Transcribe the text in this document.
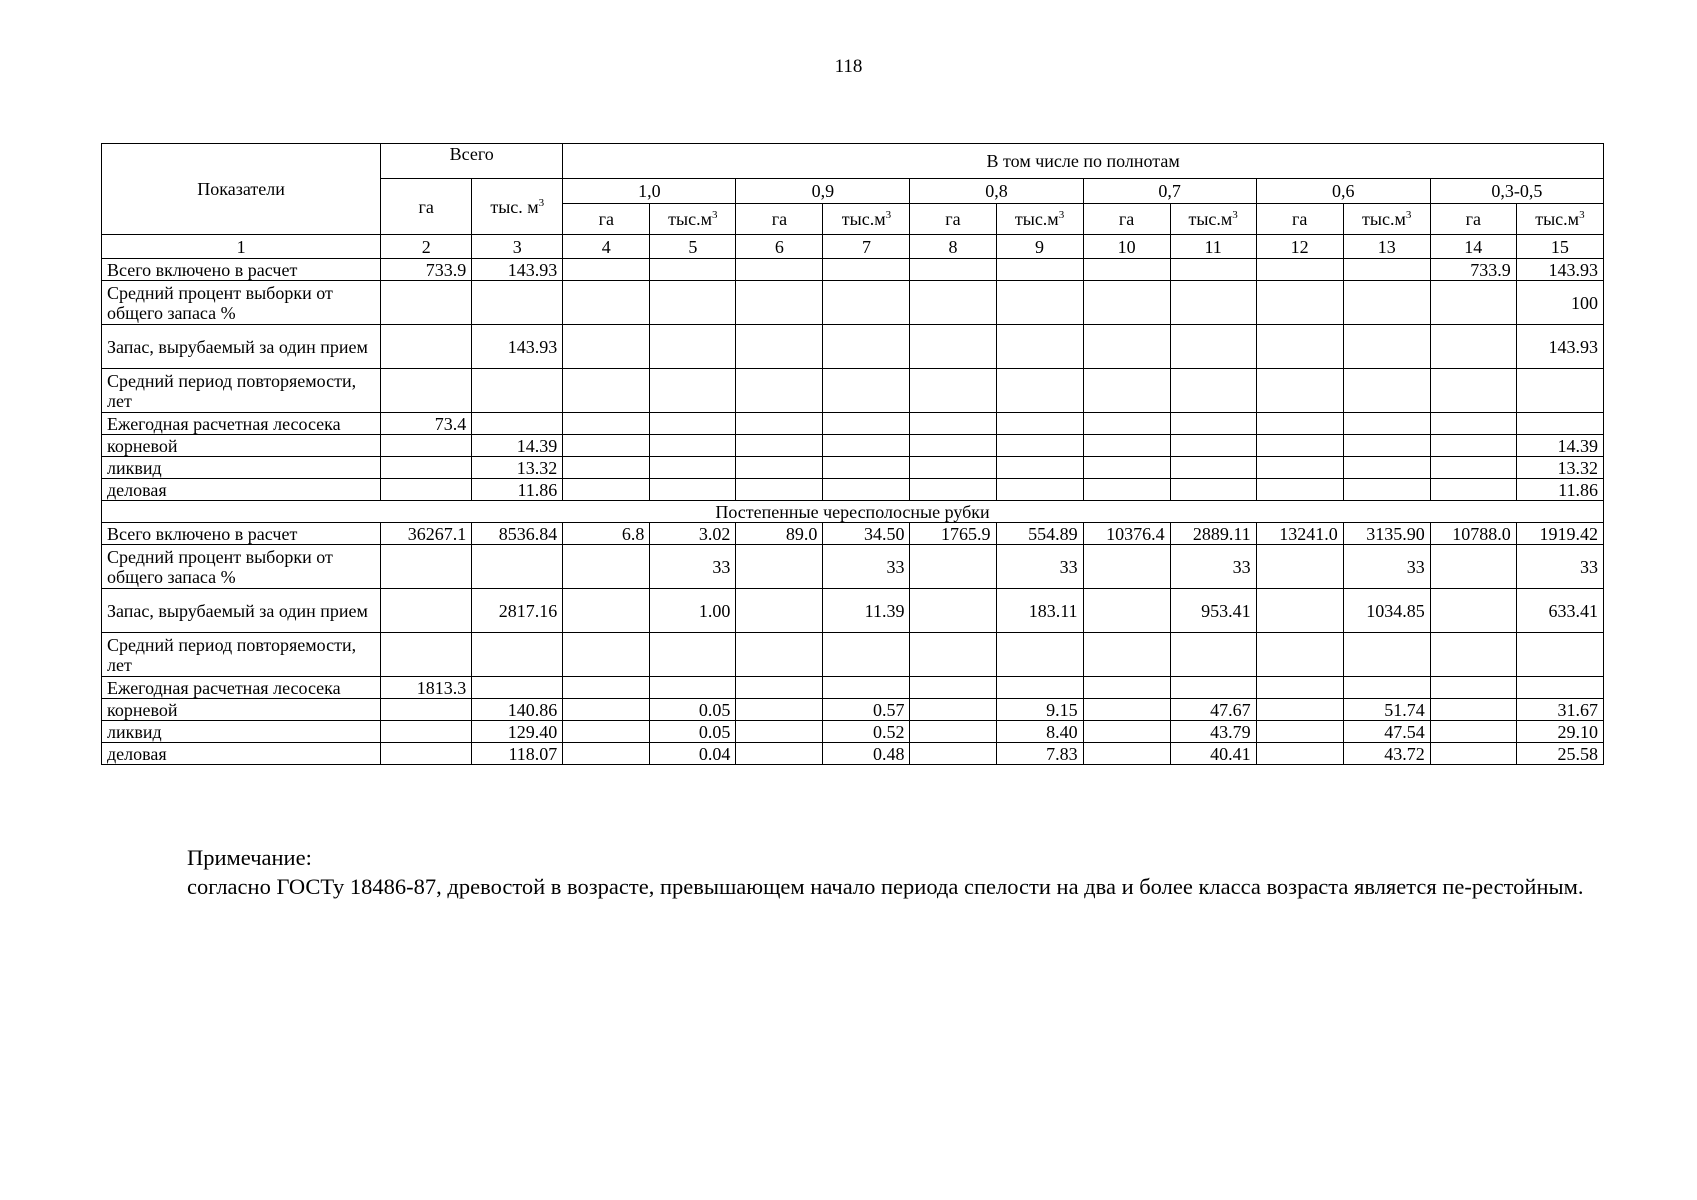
118
Показатели	Всего		В том числе по полнотам											
	га	тыс. $м^3$	1,0		0,9		0,8		0,7		0,6		0,3-0,5	
			га	$тыс.м^3$	га	$тыс.м^3$	га	$тыс.м^3$	га	$тыс.м^3$	га	$тыс.м^3$	га	$тыс.м^3$
1	2	3	4	5	6	7	8	9	10	11	12	13	14	15
Всего включено в расчет	733.9	143.93											733.9	143.93
Средний процент выборки от общего запаса %														100
Запас, вырубаемый за один прием		143.93												143.93
Средний период повторяемости, лет														
Ежегодная расчетная лесосека	73.4													
корневой		14.39												14.39
ликвид		13.32												13.32
деловая		11.86												11.86
Постепенные чересполосные рубки														
Всего включено в расчет	36267.1	8536.84	6.8	3.02	89.0	34.50	1765.9	554.89	10376.4	2889.11	13241.0	3135.90	10788.0	1919.42
Средний процент выборки от общего запаса %				33		33		33		33		33		33
Запас, вырубаемый за один прием		2817.16		1.00		11.39		183.11		953.41		1034.85		633.41
Средний период повторяемости, лет														
Ежегодная расчетная лесосека	1813.3													
корневой		140.86		0.05		0.57		9.15		47.67		51.74		31.67
ликвид		129.40		0.05		0.52		8.40		43.79		47.54		29.10
деловая		118.07		0.04		0.48		7.83		40.41		43.72		25.58
Примечание:
согласно ГОСТу 18486-87, древостой в возрасте, превышающем начало периода спелости на два и более класса возраста является пе-рестойным.
